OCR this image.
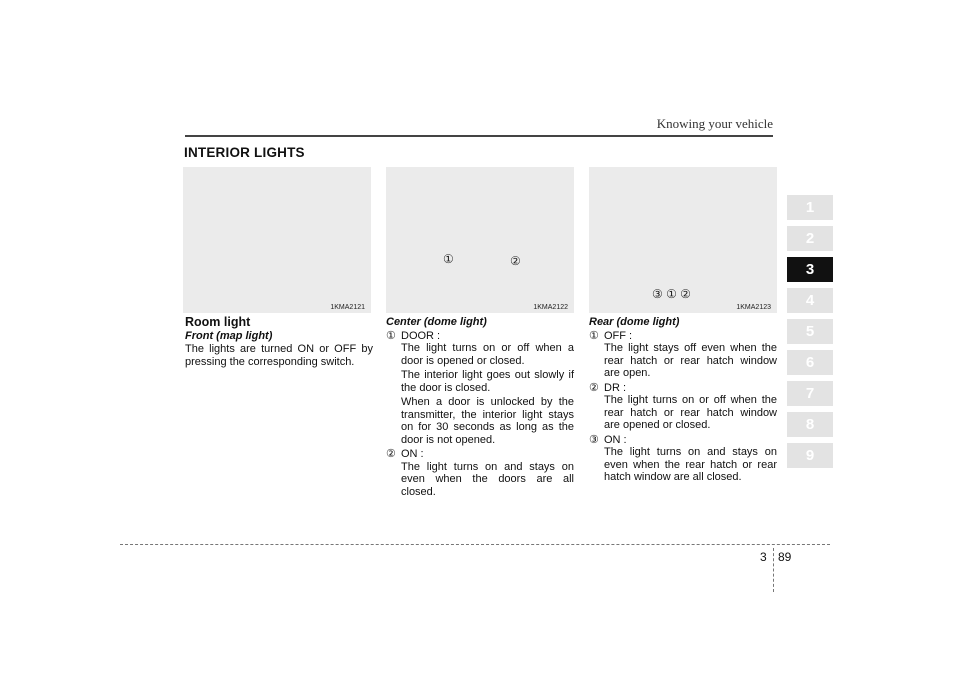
Knowing your vehicle
INTERIOR LIGHTS
1KMA2121
①	②
1KMA2122
③ ① ②
1KMA2123
Room light
Front (map light)

The lights are turned ON or OFF by pressing the corresponding switch.

Center (dome light)
① DOOR :

The light turns on or off when a door is opened or closed.

The interior light goes out slowly if the door is closed.

When a door is unlocked by the transmitter, the interior light stays on for 30 seconds as long as the door is not opened.

② ON :

The light turns on and stays on even when the doors are all closed.

Rear (dome light)
① OFF :

The light stays off even when the rear hatch or rear hatch window are open.

② DR :

The light turns on or off when the rear hatch or rear hatch window are opened or closed.

③ ON :

The light turns on and stays on even when the rear hatch or rear hatch window are all closed.

1
2
3
4
5
6
7
8
9
3 89
